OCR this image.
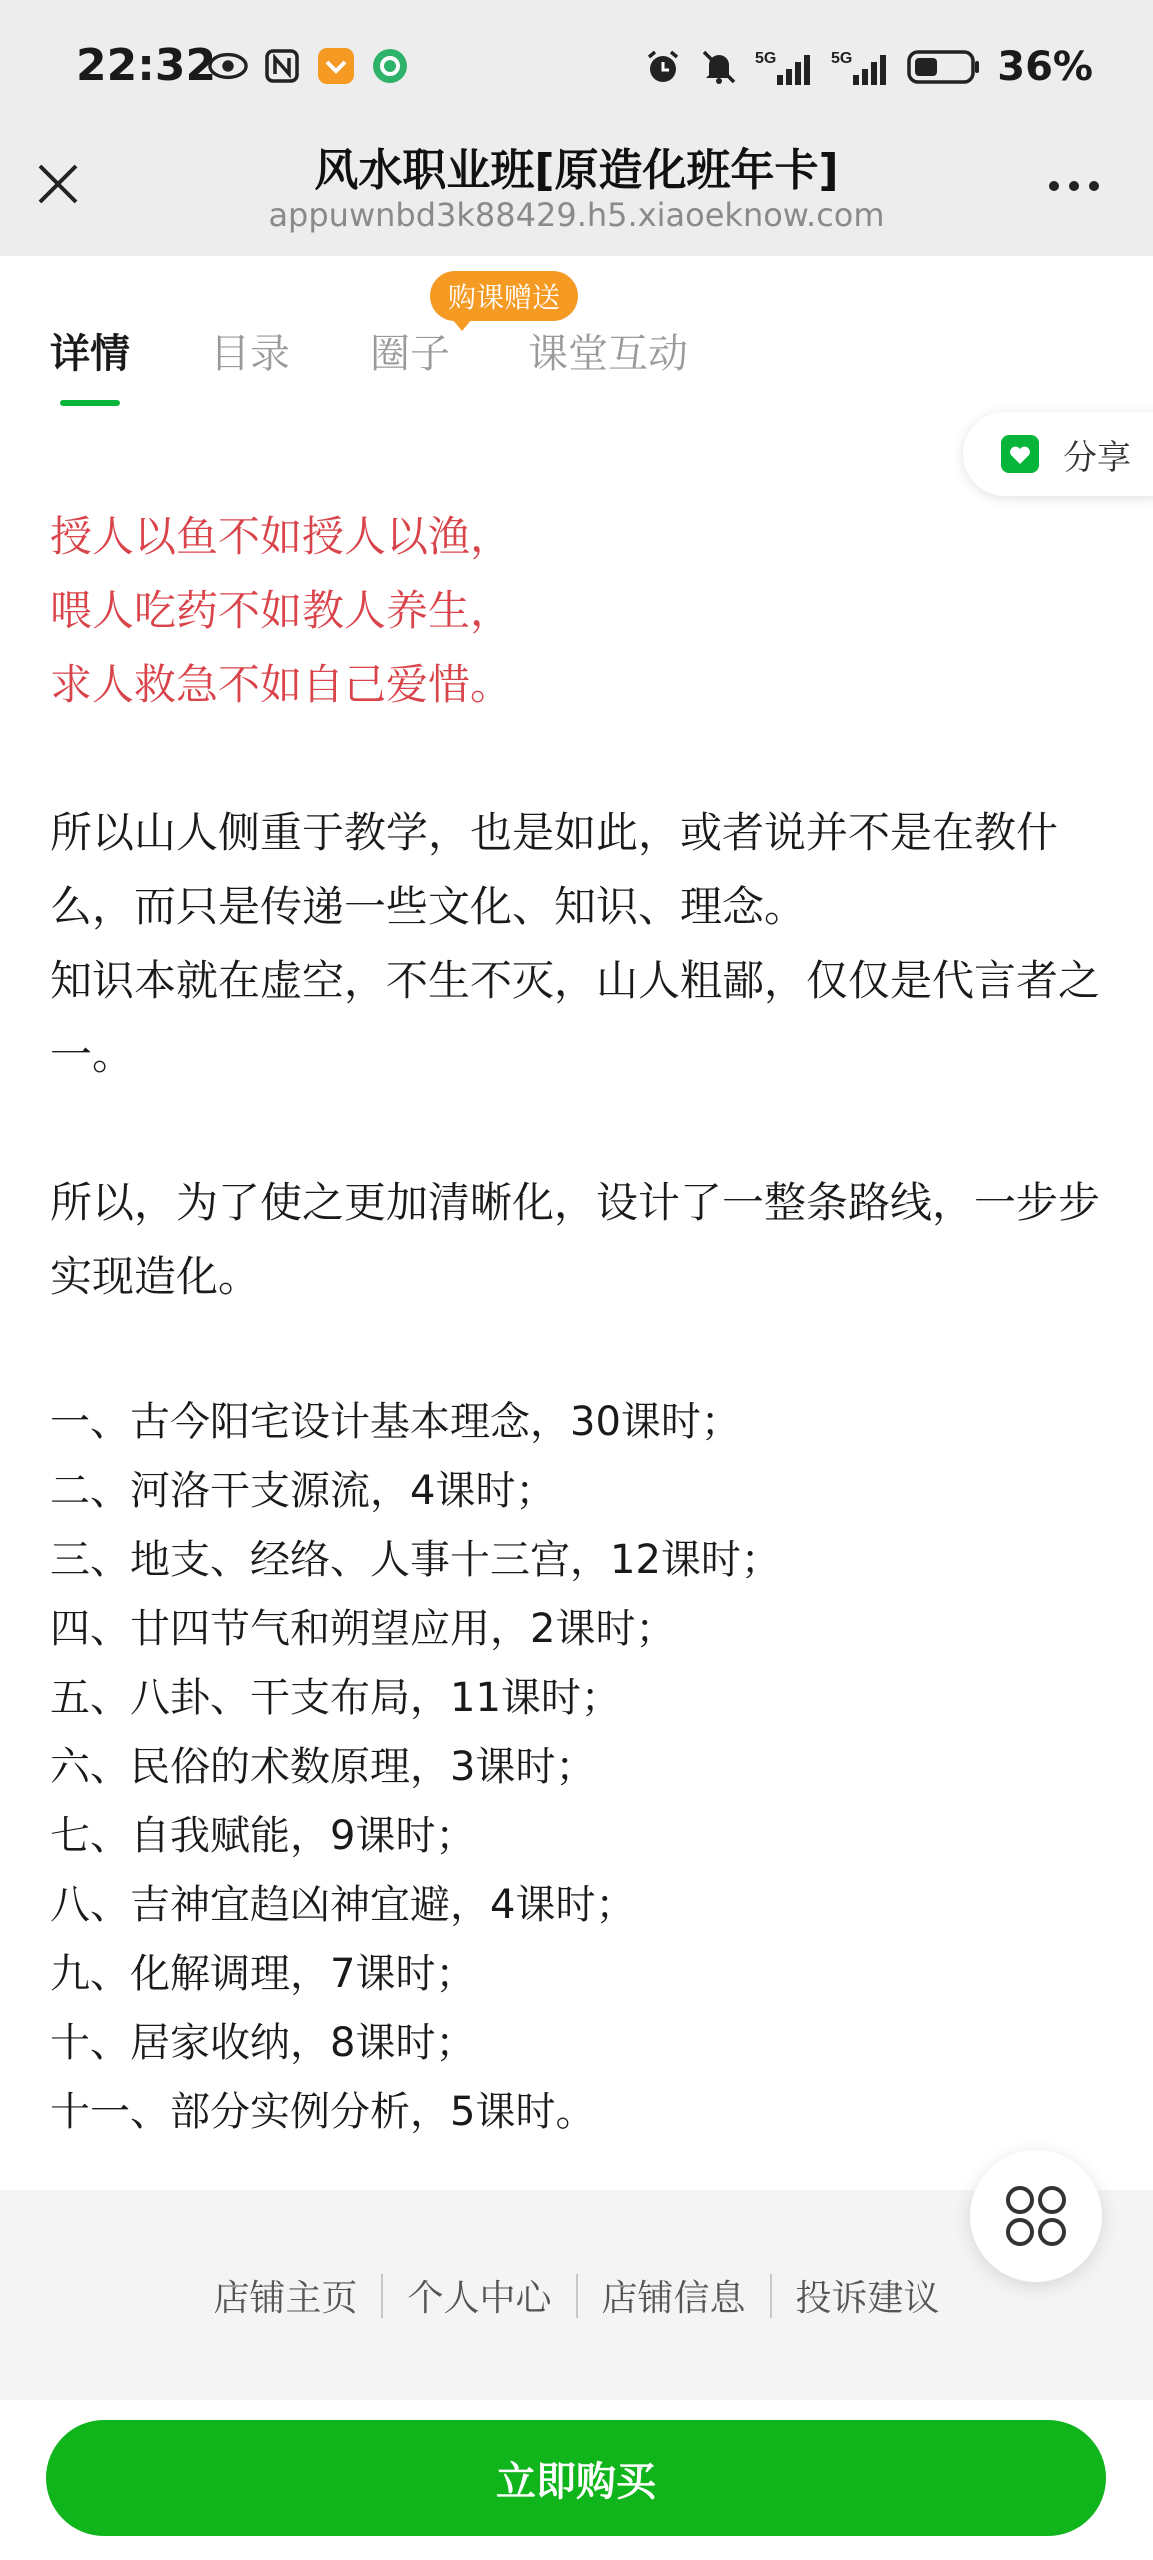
22:32	5G	5G	36%
风水职业班[原造化班年卡]
appuwnbd3k88429.h5.xiaoeknow.com
详情 目录 圈子 课堂互动
购课赠送
分享
授人以鱼不如授人以渔，
喂人吃药不如教人养生，
求人救急不如自己爱惜。
所以山人侧重于教学，也是如此，或者说并不是在教什么，而只是传递一些文化、知识、理念。
知识本就在虚空，不生不灭，山人粗鄙，仅仅是代言者之一。
所以，为了使之更加清晰化，设计了一整条路线，一步步实现造化。
一、古今阳宅设计基本理念，30课时；
二、河洛干支源流，4课时；
三、地支、经络、人事十三宫，12课时；
四、廿四节气和朔望应用，2课时；
五、八卦、干支布局，11课时；
六、民俗的术数原理，3课时；
七、自我赋能，9课时；
八、吉神宜趋凶神宜避，4课时；
九、化解调理，7课时；
十、居家收纳，8课时；
十一、部分实例分析，5课时。
店铺主页 个人中心 店铺信息 投诉建议
立即购买
